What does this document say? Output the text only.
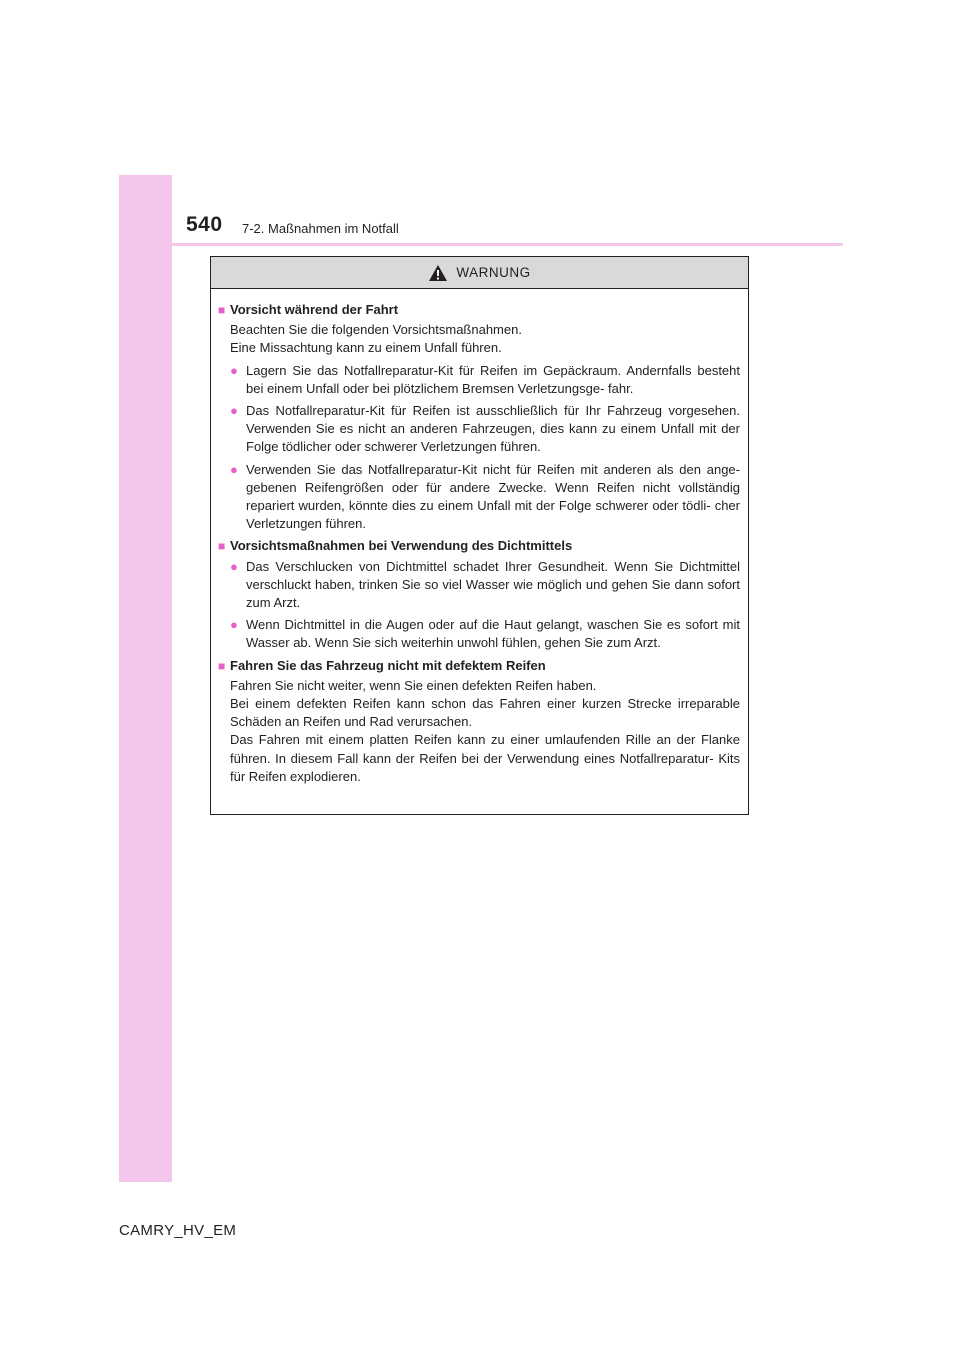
540 7-2. Maßnahmen im Notfall
WARNUNG
■ Vorsicht während der Fahrt
Beachten Sie die folgenden Vorsichtsmaßnahmen.
Eine Missachtung kann zu einem Unfall führen.
● Lagern Sie das Notfallreparatur-Kit für Reifen im Gepäckraum. Andernfalls besteht bei einem Unfall oder bei plötzlichem Bremsen Verletzungsge- fahr.
● Das Notfallreparatur-Kit für Reifen ist ausschließlich für Ihr Fahrzeug vorgesehen. Verwenden Sie es nicht an anderen Fahrzeugen, dies kann zu einem Unfall mit der Folge tödlicher oder schwerer Verletzungen führen.
● Verwenden Sie das Notfallreparatur-Kit nicht für Reifen mit anderen als den ange- gebenen Reifengrößen oder für andere Zwecke. Wenn Reifen nicht vollständig repariert wurden, könnte dies zu einem Unfall mit der Folge schwerer oder tödli- cher Verletzungen führen.
■ Vorsichtsmaßnahmen bei Verwendung des Dichtmittels
● Das Verschlucken von Dichtmittel schadet Ihrer Gesundheit. Wenn Sie Dichtmittel verschluckt haben, trinken Sie so viel Wasser wie möglich und gehen Sie dann sofort zum Arzt.
● Wenn Dichtmittel in die Augen oder auf die Haut gelangt, waschen Sie es sofort mit Wasser ab. Wenn Sie sich weiterhin unwohl fühlen, gehen Sie zum Arzt.
■ Fahren Sie das Fahrzeug nicht mit defektem Reifen
Fahren Sie nicht weiter, wenn Sie einen defekten Reifen haben.
Bei einem defekten Reifen kann schon das Fahren einer kurzen Strecke irreparable Schäden an Reifen und Rad verursachen.
Das Fahren mit einem platten Reifen kann zu einer umlaufenden Rille an der Flanke führen. In diesem Fall kann der Reifen bei der Verwendung eines Notfallreparatur- Kits für Reifen explodieren.
CAMRY_HV_EM
